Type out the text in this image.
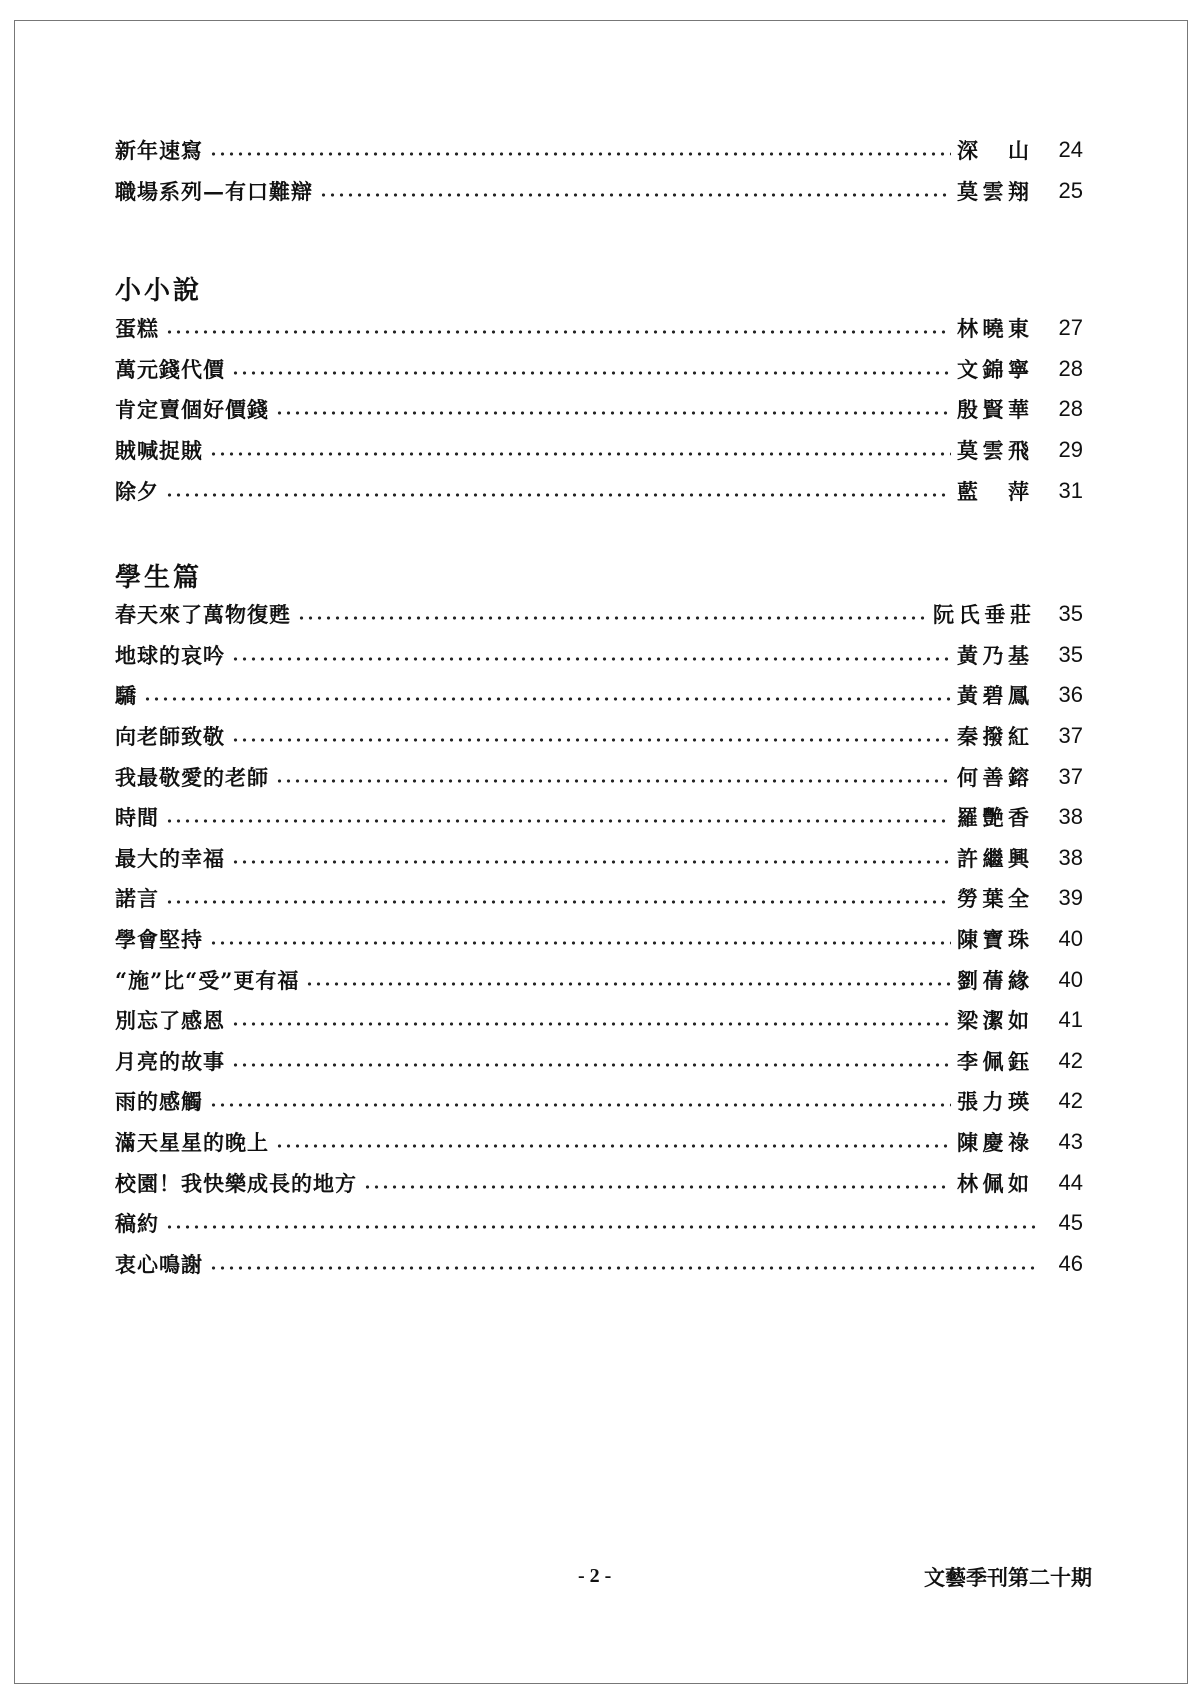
新年速寫	深　山	24
職場系列—有口難辯	莫雲翔	25
小小說
蛋糕	林曉東	27
萬元錢代價	文錦寧	28
肯定賣個好價錢	殷賢華	28
賊喊捉賊	莫雲飛	29
除夕	藍　萍	31
學生篇
春天來了萬物復甦	阮氏垂莊	35
地球的哀吟	黃乃基	35
驕	黃碧鳳	36
向老師致敬	秦撥紅	37
我最敬愛的老師	何善鎔	37
時間	羅艷香	38
最大的幸福	許繼興	38
諾言	勞葉全	39
學會堅持	陳寶珠	40
“施”比“受”更有福	劉蒨緣	40
別忘了感恩	梁潔如	41
月亮的故事	李佩鈺	42
雨的感觸	張力瑛	42
滿天星星的晚上	陳慶祿	43
校園！我快樂成長的地方	林佩如	44
稿約	45
衷心鳴謝	46
- 2 -	文藝季刊第二十期
